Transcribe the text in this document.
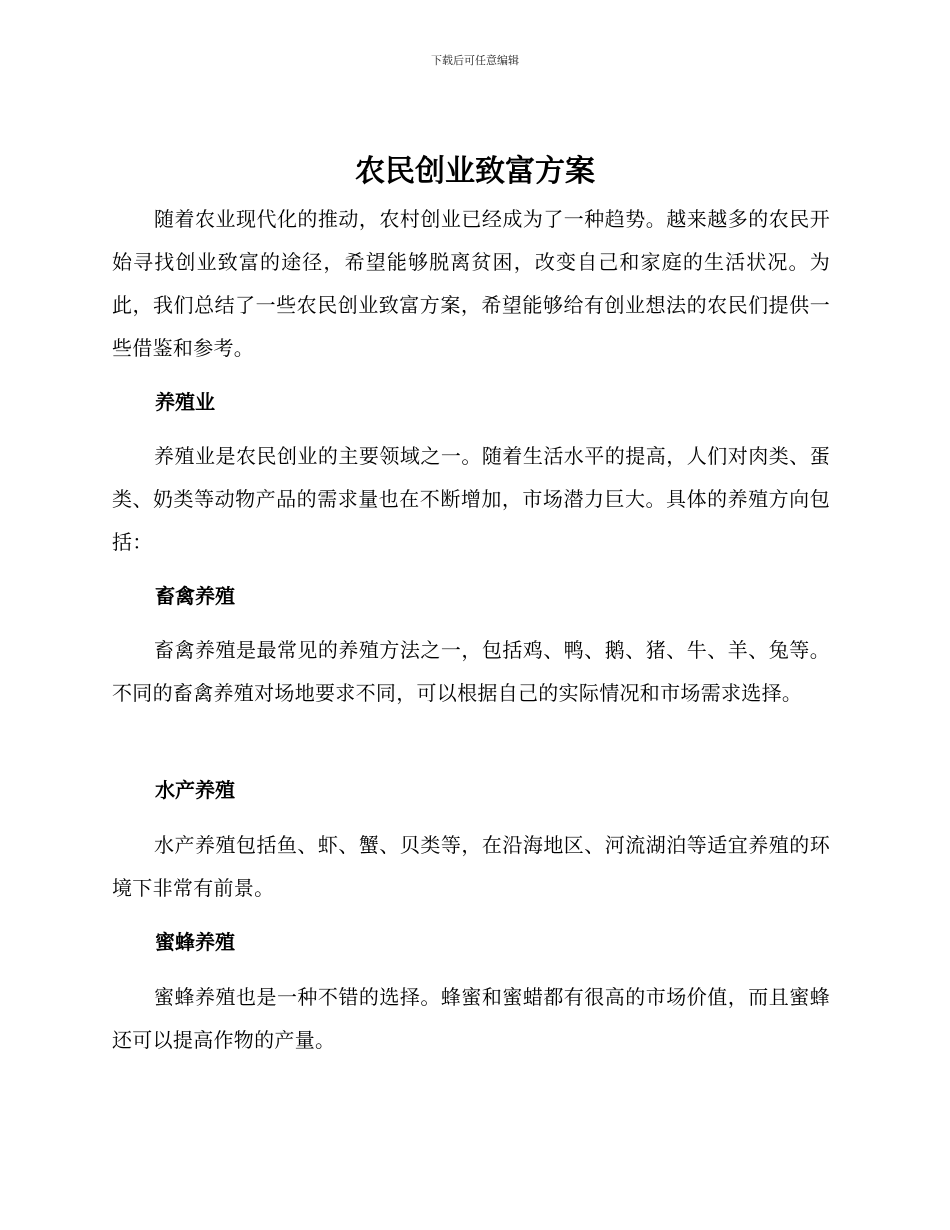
下载后可任意编辑
农民创业致富方案

随着农业现代化的推动，农村创业已经成为了一种趋势。越来越多的农民开始寻找创业致富的途径，希望能够脱离贫困，改变自己和家庭的生活状况。为此，我们总结了一些农民创业致富方案，希望能够给有创业想法的农民们提供一些借鉴和参考。

养殖业

养殖业是农民创业的主要领域之一。随着生活水平的提高，人们对肉类、蛋类、奶类等动物产品的需求量也在不断增加，市场潜力巨大。具体的养殖方向包括：

畜禽养殖

畜禽养殖是最常见的养殖方法之一，包括鸡、鸭、鹅、猪、牛、羊、兔等。不同的畜禽养殖对场地要求不同，可以根据自己的实际情况和市场需求选择。

水产养殖

水产养殖包括鱼、虾、蟹、贝类等，在沿海地区、河流湖泊等适宜养殖的环境下非常有前景。

蜜蜂养殖

蜜蜂养殖也是一种不错的选择。蜂蜜和蜜蜡都有很高的市场价值，而且蜜蜂还可以提高作物的产量。
